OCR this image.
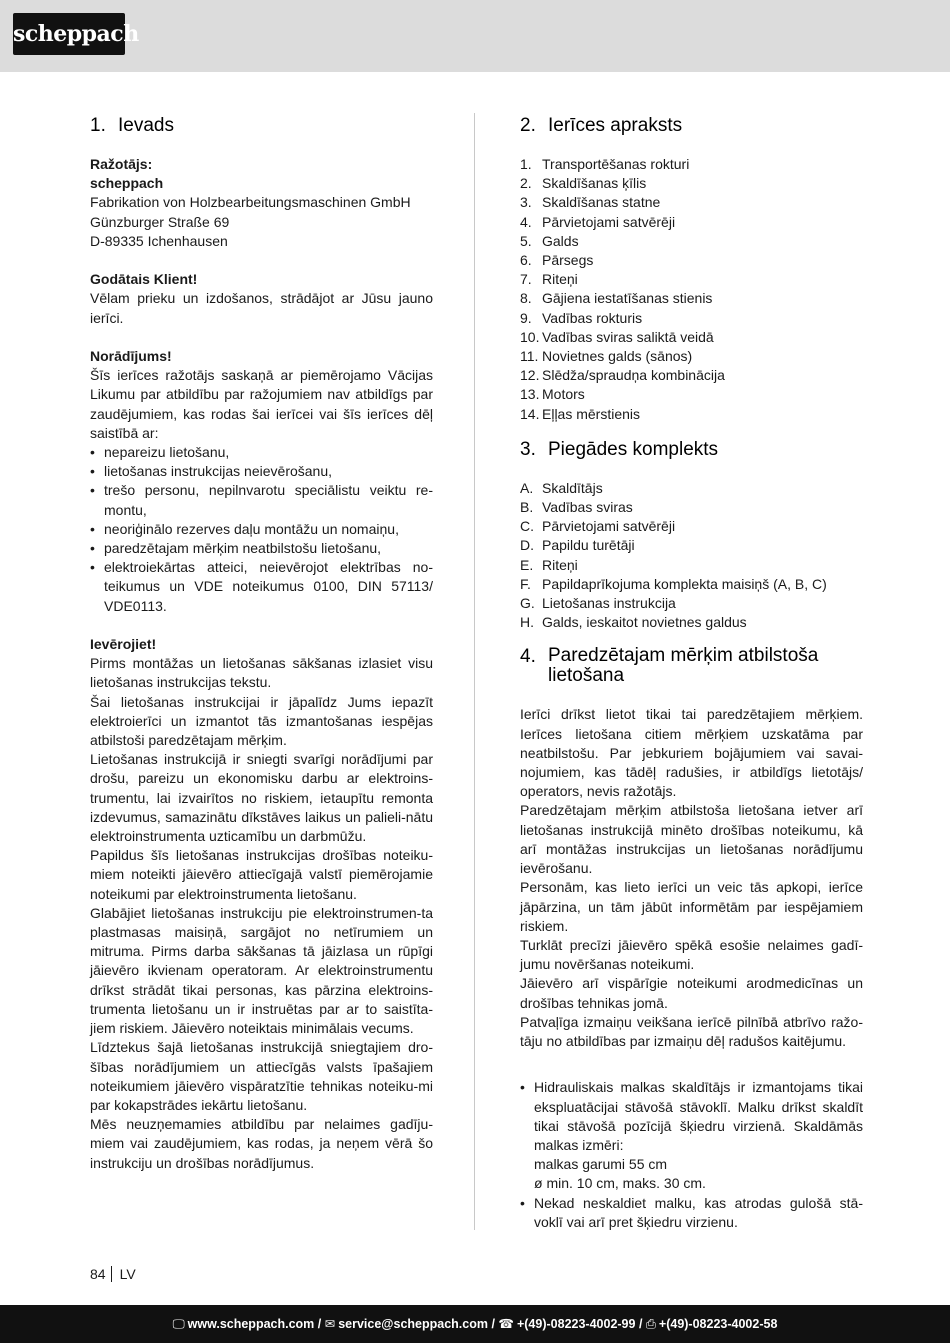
scheppach
1. Ievads
Ražotājs:
scheppach
Fabrikation von Holzbearbeitungsmaschinen GmbH
Günzburger Straße 69
D-89335 Ichenhausen
Godātais Klient!

Vēlam prieku un izdošanos, strādājot ar Jūsu jauno ierīci.

Norādījums!

Šīs ierīces ražotājs saskaņā ar piemērojamo Vācijas Likumu par atbildību par ražojumiem nav atbildīgs par zaudējumiem, kas rodas šai ierīcei vai šīs ierīces dēļ saistībā ar:

• nepareizu lietošanu,
• lietošanas instrukcijas neievērošanu,
• trešo personu, nepilnvarotu speciālistu veiktu re-montu,
• neoriģinālo rezerves daļu montāžu un nomaiņu,
• paredzētajam mērķim neatbilstošu lietošanu,
• elektroiekārtas atteici, neievērojot elektrības no-teikumus un VDE noteikumus 0100, DIN 57113/ VDE0113.
Ievērojiet!

Pirms montāžas un lietošanas sākšanas izlasiet visu lietošanas instrukcijas tekstu.

Šai lietošanas instrukcijai ir jāpalīdz Jums iepazīt elektroierīci un izmantot tās izmantošanas iespējas atbilstoši paredzētajam mērķim.

Lietošanas instrukcijā ir sniegti svarīgi norādījumi par drošu, pareizu un ekonomisku darbu ar elektroins-trumentu, lai izvairītos no riskiem, ietaupītu remonta izdevumus, samazinātu dīkstāves laikus un palieli-nātu elektroinstrumenta uzticamību un darbmūžu.

Papildus šīs lietošanas instrukcijas drošības noteiku-miem noteikti jāievēro attiecīgajā valstī piemērojamie noteikumi par elektroinstrumenta lietošanu.

Glabājiet lietošanas instrukciju pie elektroinstrumen-ta plastmasas maisiņā, sargājot no netīrumiem un mitruma. Pirms darba sākšanas tā jāizlasa un rūpīgi jāievēro ikvienam operatoram. Ar elektroinstrumentu drīkst strādāt tikai personas, kas pārzina elektroins-trumenta lietošanu un ir instruētas par ar to saistīta-jiem riskiem. Jāievēro noteiktais minimālais vecums.

Līdztekus šajā lietošanas instrukcijā sniegtajiem dro-šības norādījumiem un attiecīgās valsts īpašajiem noteikumiem jāievēro vispāratzītie tehnikas noteiku-mi par kokapstrādes iekārtu lietošanu.

Mēs neuzņemamies atbildību par nelaimes gadīju-miem vai zaudējumiem, kas rodas, ja neņem vērā šo instrukciju un drošības norādījumus.

2. Ierīces apraksts
1. Transportēšanas rokturi
2. Skaldīšanas ķīlis
3. Skaldīšanas statne
4. Pārvietojami satvērēji
5. Galds
6. Pārsegs
7. Riteņi
8. Gājiena iestatīšanas stienis
9. Vadības rokturis
10. Vadības sviras saliktā veidā
11. Novietnes galds (sānos)
12. Slēdža/spraudņa kombinācija
13. Motors
14. Eļļas mērstienis
3. Piegādes komplekts
A. Skaldītājs
B. Vadības sviras
C. Pārvietojami satvērēji
D. Papildu turētāji
E. Riteņi
F. Papildaprīkojuma komplekta maisiņš (A, B, C)
G. Lietošanas instrukcija
H. Galds, ieskaitot novietnes galdus
4. Paredzētajam mērķim atbilstoša lietošana

Ierīci drīkst lietot tikai tai paredzētajiem mērķiem. Ierīces lietošana citiem mērķiem uzskatāma par neatbilstošu. Par jebkuriem bojājumiem vai savai-nojumiem, kas tādēļ radušies, ir atbildīgs lietotājs/ operators, nevis ražotājs.

Paredzētajam mērķim atbilstoša lietošana ietver arī lietošanas instrukcijā minēto drošības noteikumu, kā arī montāžas instrukcijas un lietošanas norādījumu ievērošanu.

Personām, kas lieto ierīci un veic tās apkopi, ierīce jāpārzina, un tām jābūt informētām par iespējamiem riskiem.

Turklāt precīzi jāievēro spēkā esošie nelaimes gadī-jumu novēršanas noteikumi.

Jāievēro arī vispārīgie noteikumi arodmedicīnas un drošības tehnikas jomā.

Patvaļīga izmaiņu veikšana ierīcē pilnībā atbrīvo ražo-tāju no atbildības par izmaiņu dēļ radušos kaitējumu.

• Hidrauliskais malkas skaldītājs ir izmantojams tikai ekspluatācijai stāvošā stāvoklī. Malku drīkst skaldīt tikai stāvošā pozīcijā šķiedru virzienā. Skaldāmās malkas izmēri:
malkas garumi 55 cm
ø min. 10 cm, maks. 30 cm.
• Nekad neskaldiet malku, kas atrodas gulošā stā-voklī vai arī pret šķiedru virzienu.
84 LV
🖵 www.scheppach.com / ✉ service@scheppach.com / ☎ +(49)-08223-4002-99 / ⎙ +(49)-08223-4002-58
